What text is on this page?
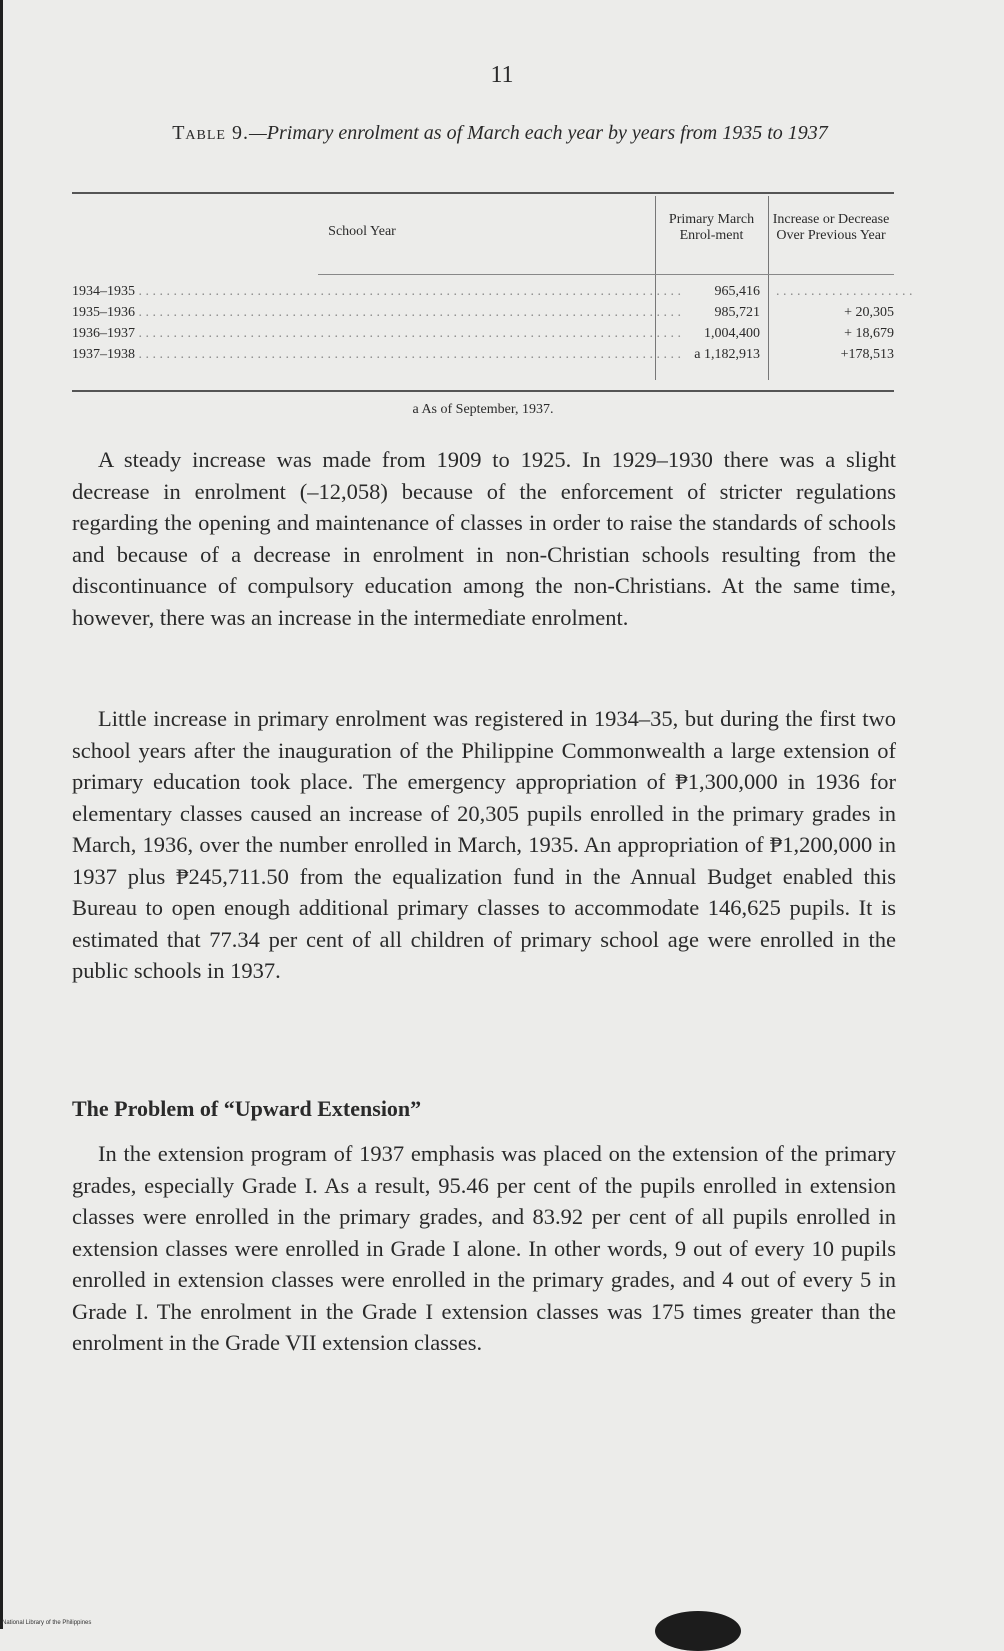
11
Table 9.—Primary enrolment as of March each year by years from 1935 to 1937
School Year
Primary March Enrol-ment
Increase or Decrease Over Previous Year
1934–1935 . . .	965,416 . . . . . . . . . . . . . . . . . . . .
1935–1936 . . .	985,721	+ 20,305
1936–1937 . . .	1,004,400	+ 18,679
1937–1938 . . .	a 1,182,913	+178,513
a As of September, 1937.

A steady increase was made from 1909 to 1925. In 1929–1930 there was a slight decrease in enrolment (–12,058) because of the enforcement of stricter regulations regarding the opening and maintenance of classes in order to raise the standards of schools and because of a decrease in enrolment in non-Christian schools resulting from the discontinuance of compulsory education among the non-Christians. At the same time, however, there was an increase in the intermediate enrolment.

Little increase in primary enrolment was registered in 1934–35, but during the first two school years after the inauguration of the Philippine Commonwealth a large extension of primary education took place. The emergency appropriation of ₱1,300,000 in 1936 for elementary classes caused an increase of 20,305 pupils enrolled in the primary grades in March, 1936, over the number enrolled in March, 1935. An appropriation of ₱1,200,000 in 1937 plus ₱245,711.50 from the equalization fund in the Annual Budget enabled this Bureau to open enough additional primary classes to accommodate 146,625 pupils. It is estimated that 77.34 per cent of all children of primary school age were enrolled in the public schools in 1937.

The Problem of “Upward Extension”

In the extension program of 1937 emphasis was placed on the extension of the primary grades, especially Grade I. As a result, 95.46 per cent of the pupils enrolled in extension classes were enrolled in the primary grades, and 83.92 per cent of all pupils enrolled in extension classes were enrolled in Grade I alone. In other words, 9 out of every 10 pupils enrolled in extension classes were enrolled in the primary grades, and 4 out of every 5 in Grade I. The enrolment in the Grade I extension classes was 175 times greater than the enrolment in the Grade VII extension classes.

National Library of the Philippines
